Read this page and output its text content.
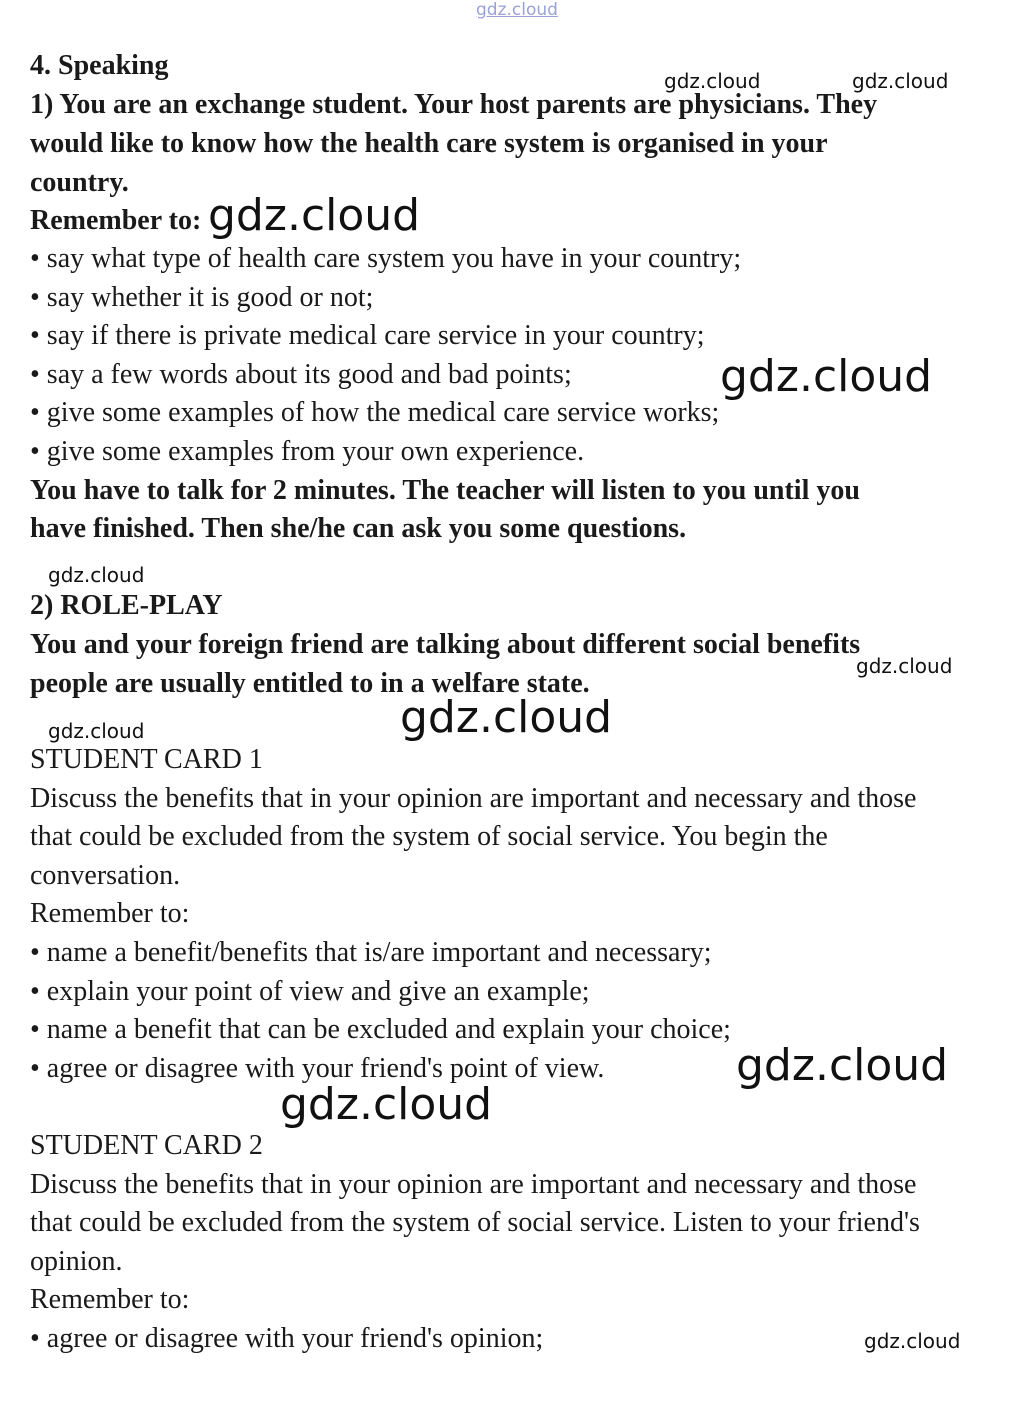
gdz.cloud

4. Speaking

1) You are an exchange student. Your host parents are physicians. They

would like to know how the health care system is organised in your

country.

Remember to:

• say what type of health care system you have in your country;

• say whether it is good or not;

• say if there is private medical care service in your country;

• say a few words about its good and bad points;

• give some examples of how the medical care service works;

• give some examples from your own experience.

You have to talk for 2 minutes. The teacher will listen to you until you

have finished. Then she/he can ask you some questions.

2) ROLE-PLAY

You and your foreign friend are talking about different social benefits

people are usually entitled to in a welfare state.

STUDENT CARD 1

Discuss the benefits that in your opinion are important and necessary and those

that could be excluded from the system of social service. You begin the

conversation.

Remember to:

• name a benefit/benefits that is/are important and necessary;

• explain your point of view and give an example;

• name a benefit that can be excluded and explain your choice;

• agree or disagree with your friend's point of view.

STUDENT CARD 2

Discuss the benefits that in your opinion are important and necessary and those

that could be excluded from the system of social service. Listen to your friend's

opinion.

Remember to:

• agree or disagree with your friend's opinion;

gdz.cloud	gdz.cloud

gdz.cloud

gdz.cloud

gdz.cloud

gdz.cloud

gdz.cloud

gdz.cloud

gdz.cloud

gdz.cloud

gdz.cloud
